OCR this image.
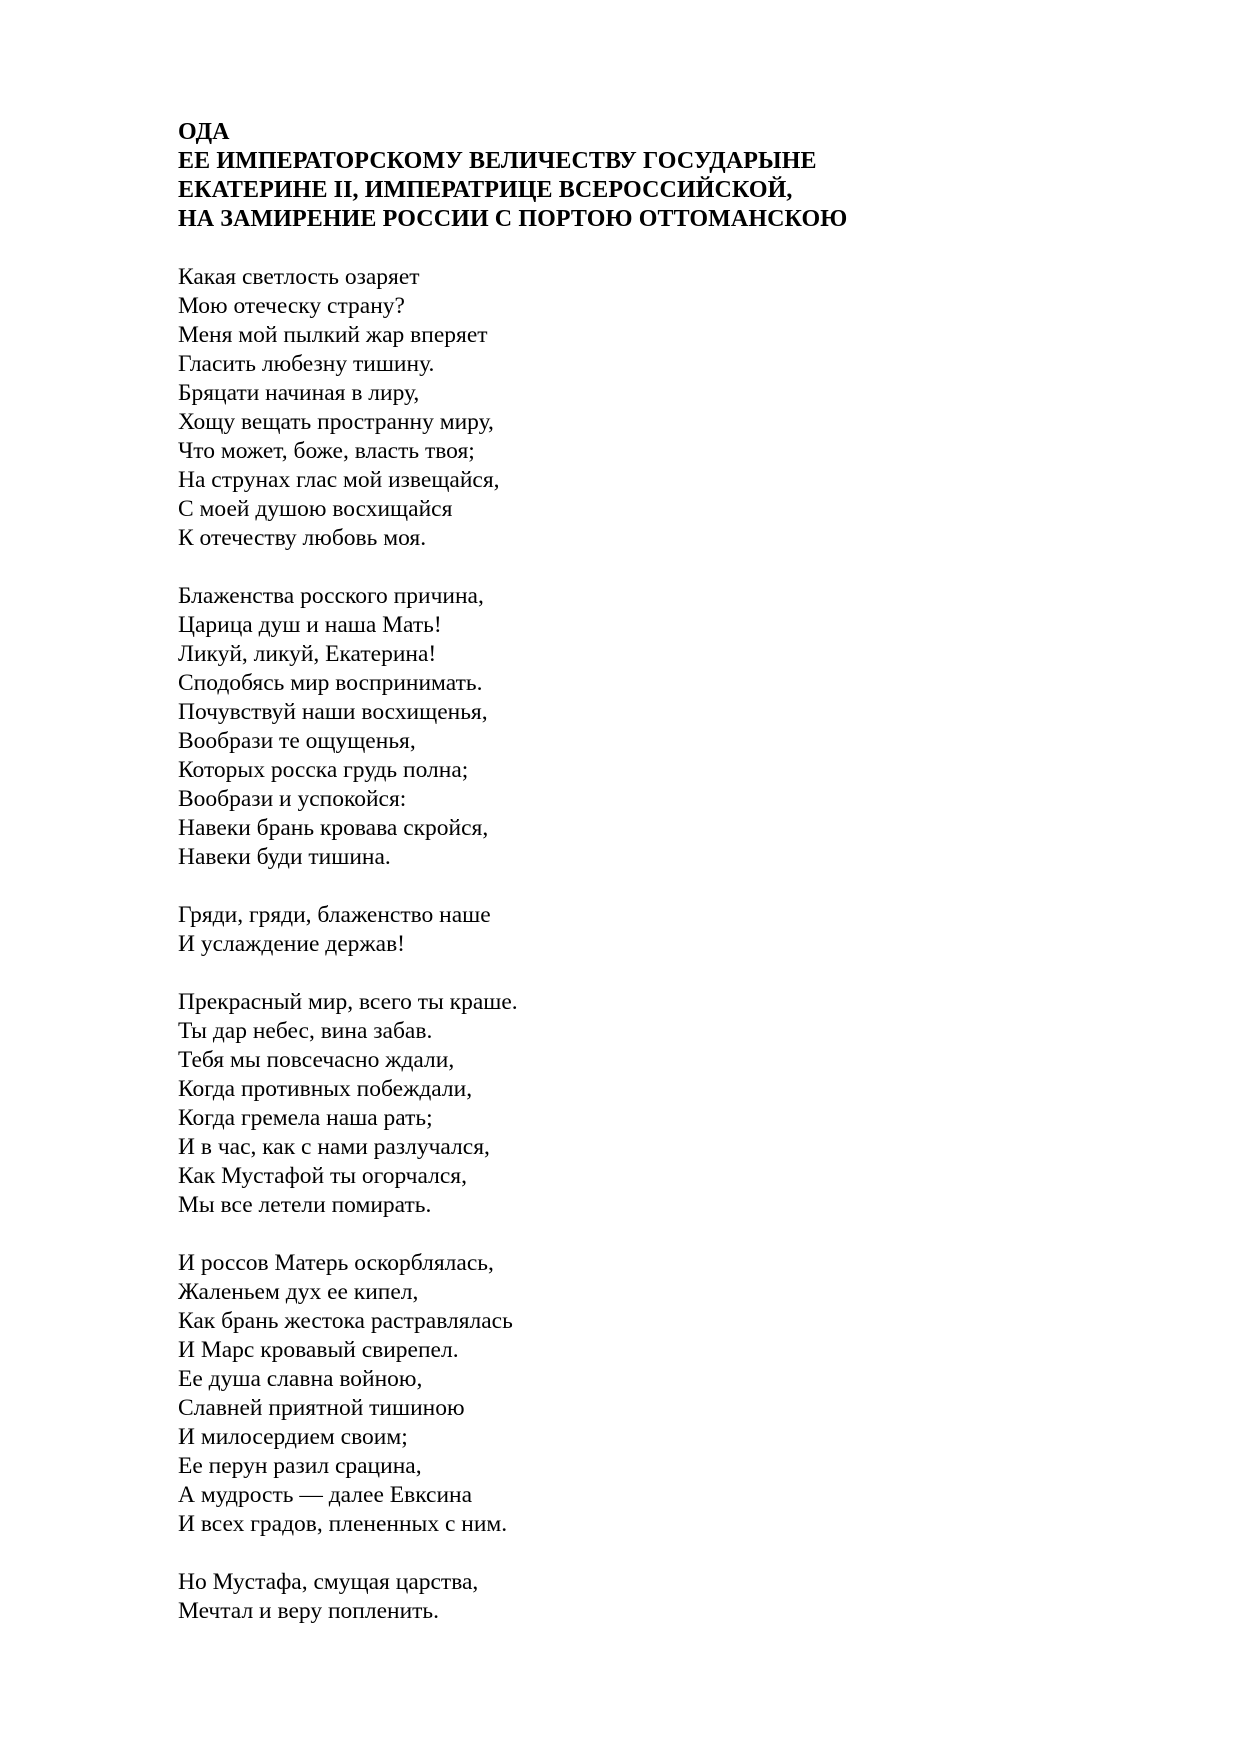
ОДА
ЕЕ ИМПЕРАТОРСКОМУ ВЕЛИЧЕСТВУ ГОСУДАРЫНЕ
ЕКАТЕРИНЕ II, ИМПЕРАТРИЦЕ ВСЕРОССИЙСКОЙ,
НА ЗАМИРЕНИЕ РОССИИ С ПОРТОЮ ОТТОМАНСКОЮ
Какая светлость озаряет
Мою отеческу страну?
Меня мой пылкий жар вперяет
Гласить любезну тишину.
Бряцати начиная в лиру,
Хощу вещать пространну миру,
Что может, боже, власть твоя;
На струнах глас мой извещайся,
С моей душою восхищайся
К отечеству любовь моя.
Блаженства росского причина,
Царица душ и наша Мать!
Ликуй, ликуй, Екатерина!
Сподобясь мир воспринимать.
Почувствуй наши восхищенья,
Вообрази те ощущенья,
Которых росска грудь полна;
Вообрази и успокойся:
Навеки брань кровава скройся,
Навеки буди тишина.
Гряди, гряди, блаженство наше
И услаждение держав!
Прекрасный мир, всего ты краше.
Ты дар небес, вина забав.
Тебя мы повсечасно ждали,
Когда противных побеждали,
Когда гремела наша рать;
И в час, как с нами разлучался,
Как Мустафой ты огорчался,
Мы все летели помирать.
И россов Матерь оскорблялась,
Жаленьем дух ее кипел,
Как брань жестока растравлялась
И Марс кровавый свирепел.
Ее душа славна войною,
Славней приятной тишиною
И милосердием своим;
Ее перун разил срацина,
А мудрость — далее Евксина
И всех градов, плененных с ним.
Но Мустафа, смущая царства,
Мечтал и веру попленить.
